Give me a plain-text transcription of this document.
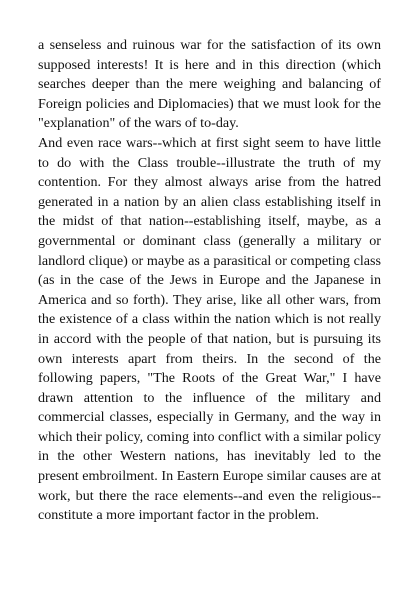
a senseless and ruinous war for the satisfaction of its own supposed interests! It is here and in this direction (which searches deeper than the mere weighing and balancing of Foreign policies and Diplomacies) that we must look for the "explanation" of the wars of to-day.

And even race wars--which at first sight seem to have little to do with the Class trouble--illustrate the truth of my contention. For they almost always arise from the hatred generated in a nation by an alien class establishing itself in the midst of that nation--establishing itself, maybe, as a governmental or dominant class (generally a military or landlord clique) or maybe as a parasitical or competing class (as in the case of the Jews in Europe and the Japanese in America and so forth). They arise, like all other wars, from the existence of a class within the nation which is not really in accord with the people of that nation, but is pursuing its own interests apart from theirs. In the second of the following papers, "The Roots of the Great War," I have drawn attention to the influence of the military and commercial classes, especially in Germany, and the way in which their policy, coming into conflict with a similar policy in the other Western nations, has inevitably led to the present embroilment. In Eastern Europe similar causes are at work, but there the race elements--and even the religious--constitute a more important factor in the problem.
